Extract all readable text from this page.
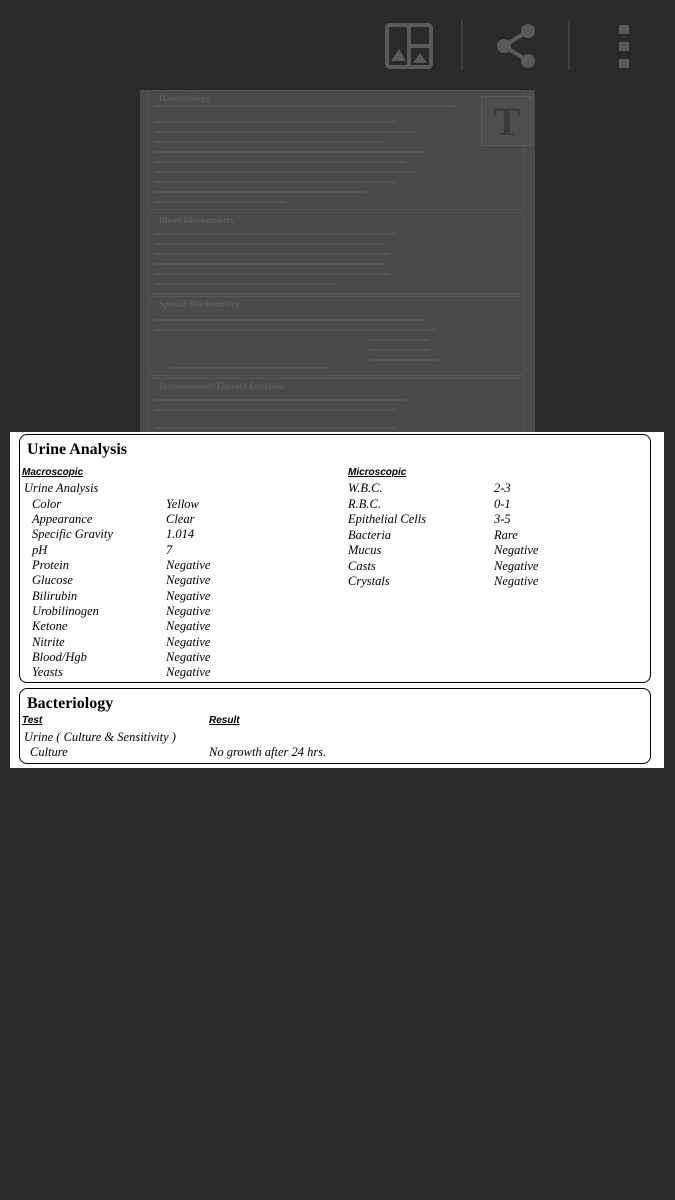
Haematology
T
Blood Biochemistry
Special Biochemistry
Immunoassay-Thyroid Function
Urine Analysis
Macroscopic	Microscopic
Urine Analysis
Color	Yellow
Appearance	Clear
Specific Gravity	1.014
pH	7
Protein	Negative
Glucose	Negative
Bilirubin	Negative
Urobilinogen	Negative
Ketone	Negative
Nitrite	Negative
Blood/Hgb	Negative
Yeasts	Negative
W.B.C.	2-3
R.B.C.	0-1
Epithelial Cells	3-5
Bacteria	Rare
Mucus	Negative
Casts	Negative
Crystals	Negative
Bacteriology
Test	Result
Urine ( Culture & Sensitivity )
Culture	No growth after 24 hrs.
